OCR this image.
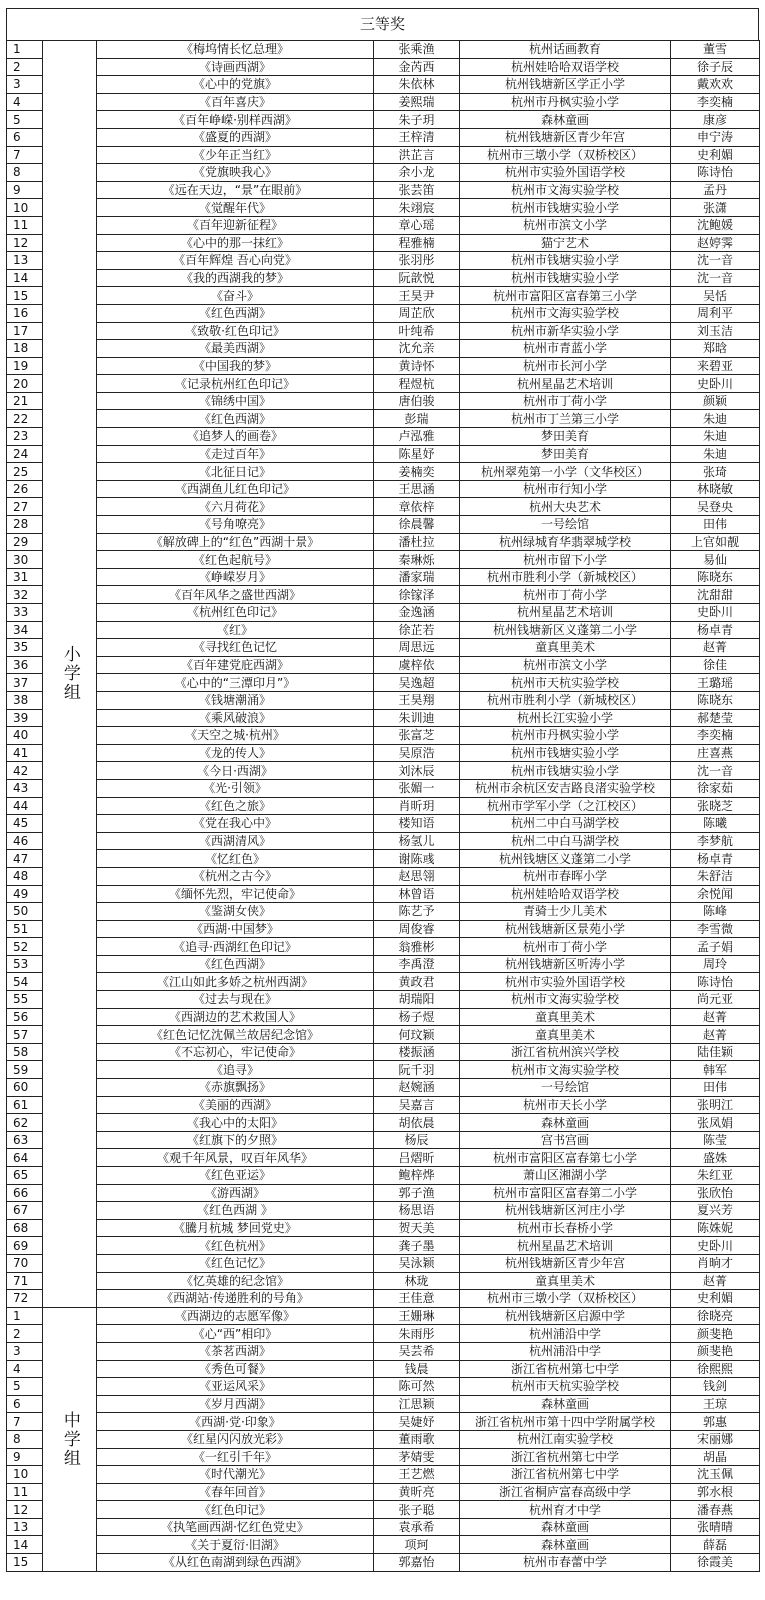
三等奖
1	小学组	《梅坞情长忆总理》	张乘渔	杭州话画教育	董雪
2		《诗画西湖》	金芮西	杭州娃哈哈双语学校	徐子辰
3		《心中的党旗》	朱依林	杭州钱塘新区学正小学	戴欢欢
4		《百年喜庆》	姜熙瑞	杭州市丹枫实验小学	李奕楠
5		《百年峥嵘·别样西湖》	朱子玥	森林童画	康彦
6		《盛夏的西湖》	王梓清	杭州钱塘新区青少年宫	申宁涛
7		《少年正当红》	洪芷言	杭州市三墩小学（双桥校区）	史利媚
8		《党旗映我心》	余小龙	杭州市实验外国语学校	陈诗怡
9		《远在天边，“景”在眼前》	张芸笛	杭州市文海实验学校	孟丹
10		《觉醒年代》	朱翊宸	杭州市钱塘实验小学	张潇
11		《百年迎新征程》	章心瑶	杭州市滨文小学	沈鲍媛
12		《心中的那一抹红》	程雅楠	猫宁艺术	赵婷霁
13		《百年辉煌 吾心向党》	张羽彤	杭州市钱塘实验小学	沈一音
14		《我的西湖我的梦》	阮歆悦	杭州市钱塘实验小学	沈一音
15		《奋斗》	王昊尹	杭州市富阳区富春第三小学	吴恬
16		《红色西湖》	周芷欣	杭州市文海实验学校	周利平
17		《致敬·红色印记》	叶纯希	杭州市新华实验小学	刘玉洁
18		《最美西湖》	沈允亲	杭州市青蓝小学	郑晗
19		《中国我的梦》	黄诗怀	杭州市长河小学	来碧亚
20		《记录杭州红色印记》	程煜杭	杭州星晶艺术培训	史卧川
21		《锦绣中国》	唐伯骏	杭州市丁荷小学	颜颖
22		《红色西湖》	彭瑞	杭州市丁兰第三小学	朱迪
23		《追梦人的画卷》	卢泓雅	梦田美育	朱迪
24		《走过百年》	陈星妤	梦田美育	朱迪
25		《北征日记》	姜楠奕	杭州翠苑第一小学（文华校区）	张琦
26		《西湖鱼儿红色印记》	王思涵	杭州市行知小学	林晓敏
27		《六月荷花》	章依梓	杭州大央艺术	吴登央
28		《号角嘹亮》	徐晨馨	一号绘馆	田伟
29		《解放碑上的“红色”西湖十景》	潘杜拉	杭州绿城育华翡翠城学校	上官如靓
30		《红色起航号》	秦琳烁	杭州市留下小学	易仙
31		《峥嵘岁月》	潘家瑞	杭州市胜利小学（新城校区）	陈晓东
32		《百年风华之盛世西湖》	徐镓泽	杭州市丁荷小学	沈甜甜
33		《杭州红色印记》	金逸涵	杭州星晶艺术培训	史卧川
34		《红》	徐芷若	杭州钱塘新区义蓬第二小学	杨卓青
35		《寻找红色记忆	周思远	童真里美术	赵菁
36		《百年建党庇西湖》	虞梓依	杭州市滨文小学	徐佳
37		《心中的“三潭印月”》	吴逸超	杭州市天杭实验学校	王璐瑶
38		《钱塘潮涌》	王昊翔	杭州市胜利小学（新城校区）	陈晓东
39		《乘风破浪》	朱训迪	杭州长江实验小学	郝楚莹
40		《天空之城·杭州》	张富芝	杭州市丹枫实验小学	李奕楠
41		《龙的传人》	吴原浩	杭州市钱塘实验小学	庄喜燕
42		《今日·西湖》	刘沐辰	杭州市钱塘实验小学	沈一音
43		《光·引领》	张媚一	杭州市余杭区安吉路良渚实验学校	徐家茹
44		《红色之旅》	肖昕玥	杭州市学军小学（之江校区）	张晓芝
45		《党在我心中》	楼知语	杭州二中白马湖学校	陈曦
46		《西湖清风》	杨氢儿	杭州二中白马湖学校	李梦航
47		《忆红色》	谢陈彧	杭州钱塘区义蓬第二小学	杨卓青
48		《杭州之古今》	赵思翎	杭州市春晖小学	朱舒洁
49		《缅怀先烈，牢记使命》	林曾语	杭州娃哈哈双语学校	余悦闻
50		《鉴湖女侠》	陈艺予	青骑士少儿美术	陈峰
51		《西湖·中国梦》	周俊睿	杭州钱塘新区景苑小学	李雪微
52		《追寻·西湖红色印记》	翁雅彬	杭州市丁荷小学	孟子娟
53		《红色西湖》	李禹澄	杭州钱塘新区听涛小学	周玲
54		《江山如此多娇之杭州西湖》	黄政君	杭州市实验外国语学校	陈诗怡
55		《过去与现在》	胡瑞阳	杭州市文海实验学校	尚元亚
56		《西湖边的艺术救国人》	杨子煜	童真里美术	赵菁
57		《红色记忆沈佩兰故居纪念馆》	何玟颖	童真里美术	赵菁
58		《不忘初心，牢记使命》	楼振涵	浙江省杭州滨兴学校	陆佳颖
59		《追寻》	阮千羽	杭州市文海实验学校	韩军
60		《赤旗飘扬》	赵婉涵	一号绘馆	田伟
61		《美丽的西湖》	吴嘉言	杭州市天长小学	张明江
62		《我心中的太阳》	胡依晨	森林童画	张凤娟
63		《红旗下的夕照》	杨辰	宫书宫画	陈莹
64		《观千年风景，叹百年风华》	吕熠昕	杭州市富阳区富春第七小学	盛姝
65		《红色亚运》	鲍梓烨	萧山区湘湖小学	朱红亚
66		《游西湖》	郭子渔	杭州市富阳区富春第二小学	张欣怡
67		《红色西湖 》	杨思语	杭州钱塘新区河庄小学	夏兴芳
68		《騰月杭城 梦回党史》	贺天美	杭州市长春桥小学	陈姝妮
69		《红色杭州》	龚子墨	杭州星晶艺术培训	史卧川
70		《红色记忆》	吴泳颖	杭州钱塘新区青少年宫	肖晌才
71		《忆英雄的纪念馆》	林珑	童真里美术	赵菁
72		《西湖站·传递胜利的号角》	王佳意	杭州市三墩小学（双桥校区）	史利媚
1	中学组	《西湖边的志愿军像》	王姗琳	杭州钱塘新区启源中学	徐晓亮
2		《心“西”相印》	朱雨彤	杭州浦沿中学	颜斐艳
3		《茶茗西湖》	吴芸希	杭州浦沿中学	颜斐艳
4		《秀色可餐》	钱晨	浙江省杭州第七中学	徐熙熙
5		《亚运风采》	陈可然	杭州市天杭实验学校	钱剑
6		《岁月西湖》	江思颖	森林童画	王琼
7		《西湖·党·印象》	吴婕妤	浙江省杭州市第十四中学附属学校	郭惠
8		《红星闪闪放光彩》	董雨歌	杭州江南实验学校	宋丽娜
9		《一红引千年》	茅婧雯	浙江省杭州第七中学	胡晶
10		《时代潮光》	王艺燃	浙江省杭州第七中学	沈玉佩
11		《春年回首》	黄昕亮	浙江省桐庐富春高级中学	郭水根
12		《红色印记》	张子聪	杭州育才中学	潘春燕
13		《执笔画西湖·忆红色党史》	袁承希	森林童画	张晴晴
14		《关于夏衍·旧湖》	项珂	森林童画	薛磊
15		《从红色南湖到绿色西湖》	郭嘉怡	杭州市春蕾中学	徐霞美
